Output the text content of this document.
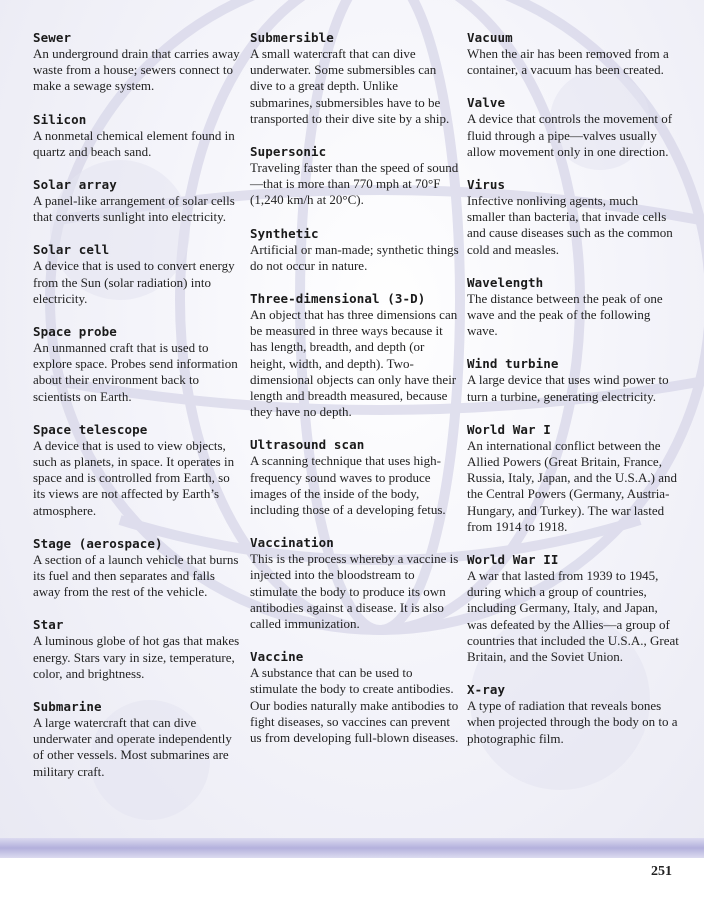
Sewer
An underground drain that carries away waste from a house; sewers connect to make a sewage system.
Silicon
A nonmetal chemical element found in quartz and beach sand.
Solar array
A panel-like arrangement of solar cells that converts sunlight into electricity.
Solar cell
A device that is used to convert energy from the Sun (solar radiation) into electricity.
Space probe
An unmanned craft that is used to explore space. Probes send information about their environment back to scientists on Earth.
Space telescope
A device that is used to view objects, such as planets, in space. It operates in space and is controlled from Earth, so its views are not affected by Earth’s atmosphere.
Stage (aerospace)
A section of a launch vehicle that burns its fuel and then separates and falls away from the rest of the vehicle.
Star
A luminous globe of hot gas that makes energy. Stars vary in size, temperature, color, and brightness.
Submarine
A large watercraft that can dive underwater and operate independently of other vessels. Most submarines are military craft.
Submersible
A small watercraft that can dive underwater. Some submersibles can dive to a great depth. Unlike submarines, submersibles have to be transported to their dive site by a ship.
Supersonic
Traveling faster than the speed of sound—that is more than 770 mph at 70°F (1,240 km/h at 20°C).
Synthetic
Artificial or man-made; synthetic things do not occur in nature.
Three-dimensional (3-D)
An object that has three dimensions can be measured in three ways because it has length, breadth, and depth (or height, width, and depth). Two-dimensional objects can only have their length and breadth measured, because they have no depth.
Ultrasound scan
A scanning technique that uses high-frequency sound waves to produce images of the inside of the body, including those of a developing fetus.
Vaccination
This is the process whereby a vaccine is injected into the bloodstream to stimulate the body to produce its own antibodies against a disease. It is also called immunization.
Vaccine
A substance that can be used to stimulate the body to create antibodies. Our bodies naturally make antibodies to fight diseases, so vaccines can prevent us from developing full-blown diseases.
Vacuum
When the air has been removed from a container, a vacuum has been created.
Valve
A device that controls the movement of fluid through a pipe—valves usually allow movement only in one direction.
Virus
Infective nonliving agents, much smaller than bacteria, that invade cells and cause diseases such as the common cold and measles.
Wavelength
The distance between the peak of one wave and the peak of the following wave.
Wind turbine
A large device that uses wind power to turn a turbine, generating electricity.
World War I
An international conflict between the Allied Powers (Great Britain, France, Russia, Italy, Japan, and the U.S.A.) and the Central Powers (Germany, Austria-Hungary, and Turkey). The war lasted from 1914 to 1918.
World War II
A war that lasted from 1939 to 1945, during which a group of countries, including Germany, Italy, and Japan, was defeated by the Allies—a group of countries that included the U.S.A., Great Britain, and the Soviet Union.
X-ray
A type of radiation that reveals bones when projected through the body on to a photographic film.
251
